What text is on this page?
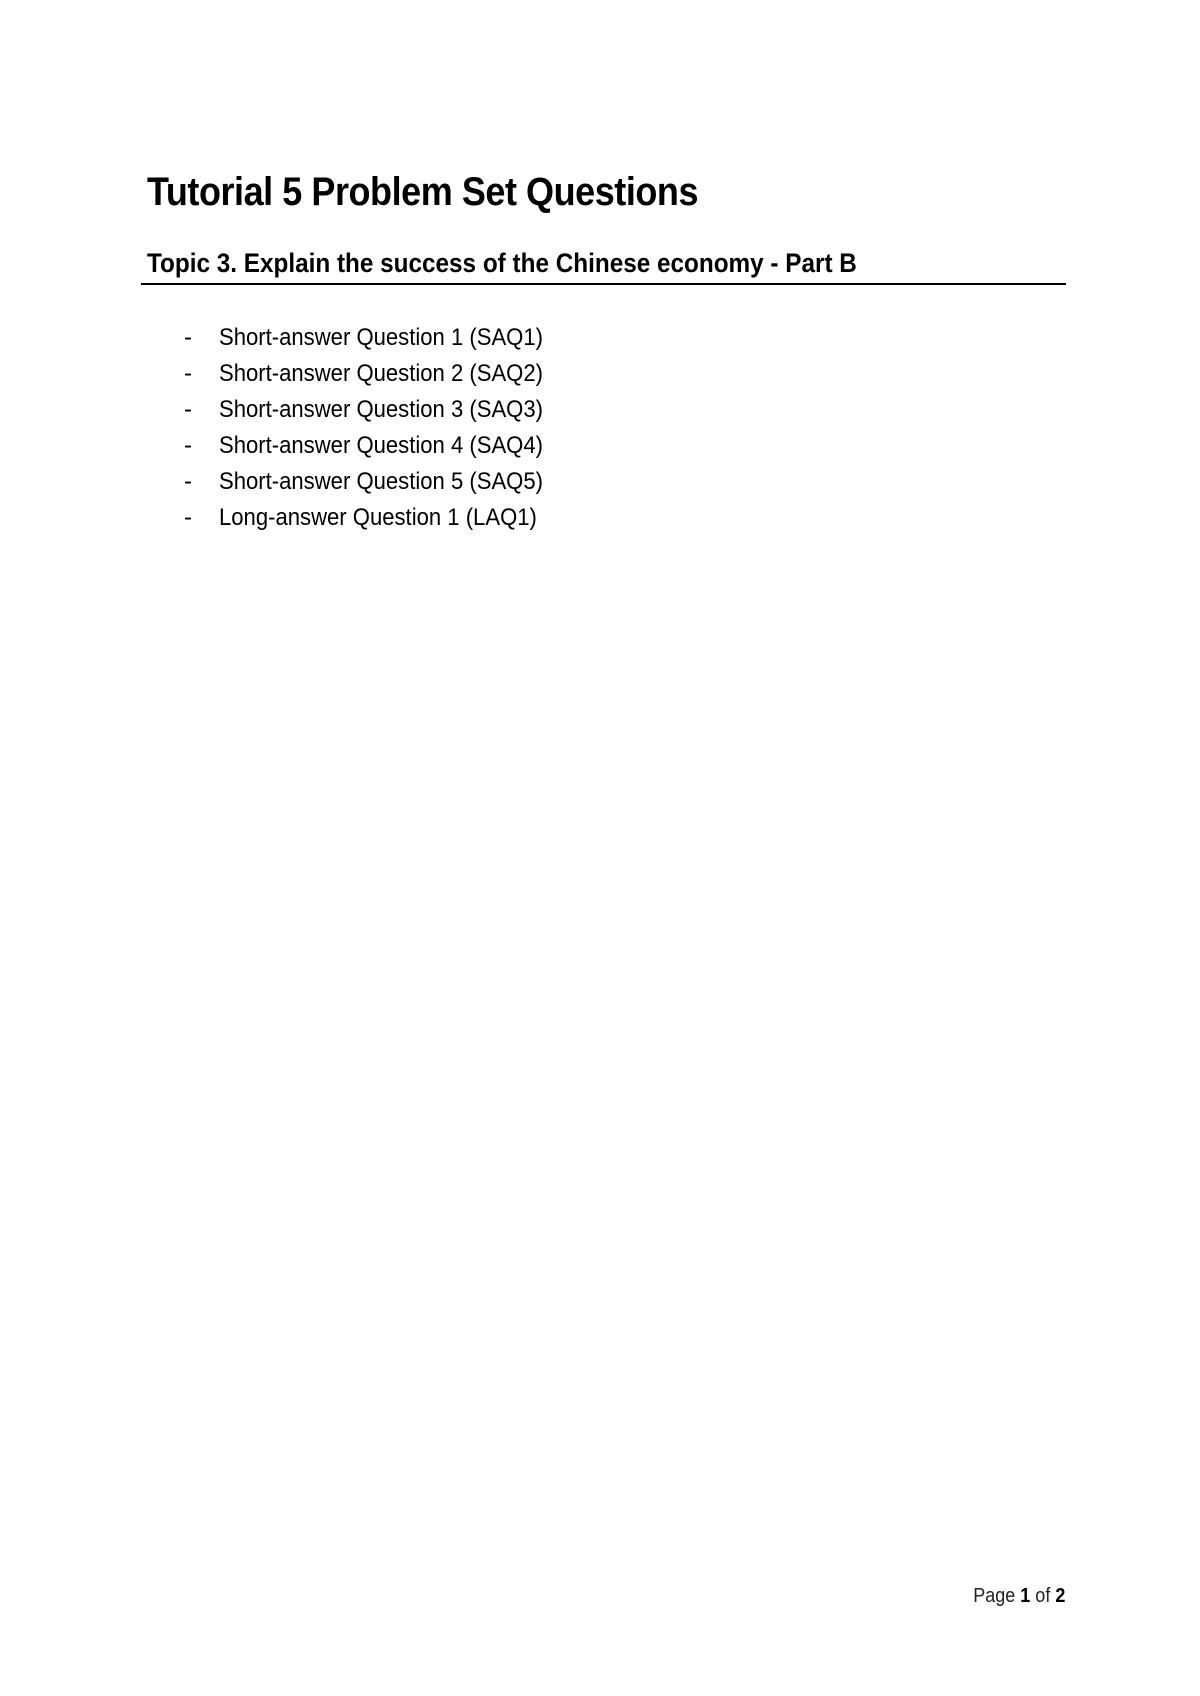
Tutorial 5 Problem Set Questions
Topic 3. Explain the success of the Chinese economy - Part B
- Short-answer Question 1 (SAQ1)
- Short-answer Question 2 (SAQ2)
- Short-answer Question 3 (SAQ3)
- Short-answer Question 4 (SAQ4)
- Short-answer Question 5 (SAQ5)
- Long-answer Question 1 (LAQ1)
Page 1 of 2
